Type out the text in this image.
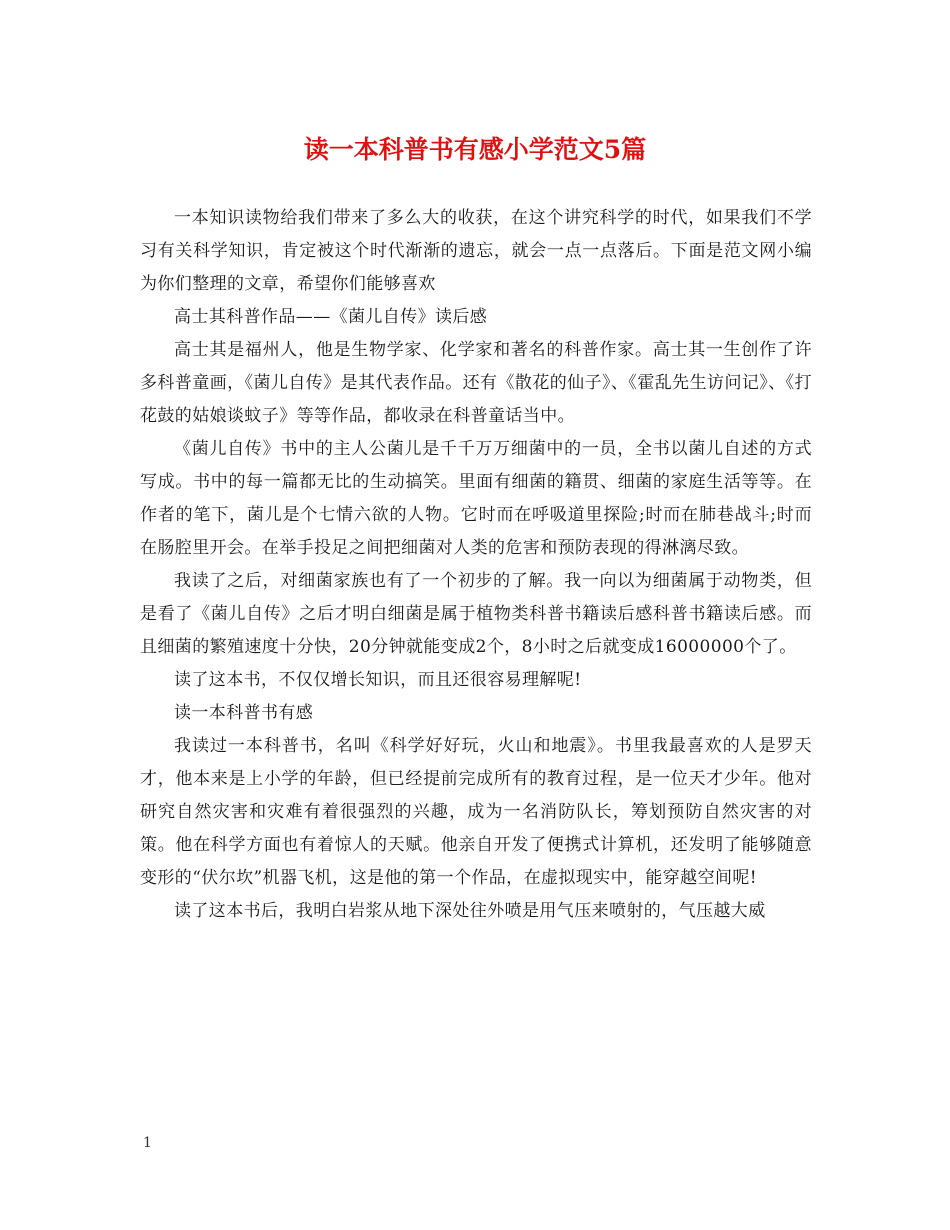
读一本科普书有感小学范文5篇

一本知识读物给我们带来了多么大的收获，在这个讲究科学的时代，如果我们不学习有关科学知识，肯定被这个时代渐渐的遗忘，就会一点一点落后。下面是范文网小编为你们整理的文章，希望你们能够喜欢

高士其科普作品——《菌儿自传》读后感

高士其是福州人，他是生物学家、化学家和著名的科普作家。高士其一生创作了许多科普童画，《菌儿自传》是其代表作品。还有《散花的仙子》、《霍乱先生访问记》、《打花鼓的姑娘谈蚊子》等等作品，都收录在科普童话当中。

《菌儿自传》书中的主人公菌儿是千千万万细菌中的一员，全书以菌儿自述的方式写成。书中的每一篇都无比的生动搞笑。里面有细菌的籍贯、细菌的家庭生活等等。在作者的笔下，菌儿是个七情六欲的人物。它时而在呼吸道里探险;时而在肺巷战斗;时而在肠腔里开会。在举手投足之间把细菌对人类的危害和预防表现的得淋漓尽致。

我读了之后，对细菌家族也有了一个初步的了解。我一向以为细菌属于动物类，但是看了《菌儿自传》之后才明白细菌是属于植物类科普书籍读后感科普书籍读后感。而且细菌的繁殖速度十分快，20分钟就能变成2个，8小时之后就变成16000000个了。

读了这本书，不仅仅增长知识，而且还很容易理解呢!

读一本科普书有感

我读过一本科普书，名叫《科学好好玩，火山和地震》。书里我最喜欢的人是罗天才，他本来是上小学的年龄，但已经提前完成所有的教育过程，是一位天才少年。他对研究自然灾害和灾难有着很强烈的兴趣，成为一名消防队长，筹划预防自然灾害的对策。他在科学方面也有着惊人的天赋。他亲自开发了便携式计算机，还发明了能够随意变形的“伏尔坎”机器飞机，这是他的第一个作品，在虚拟现实中，能穿越空间呢!

读了这本书后，我明白岩浆从地下深处往外喷是用气压来喷射的，气压越大威

1
